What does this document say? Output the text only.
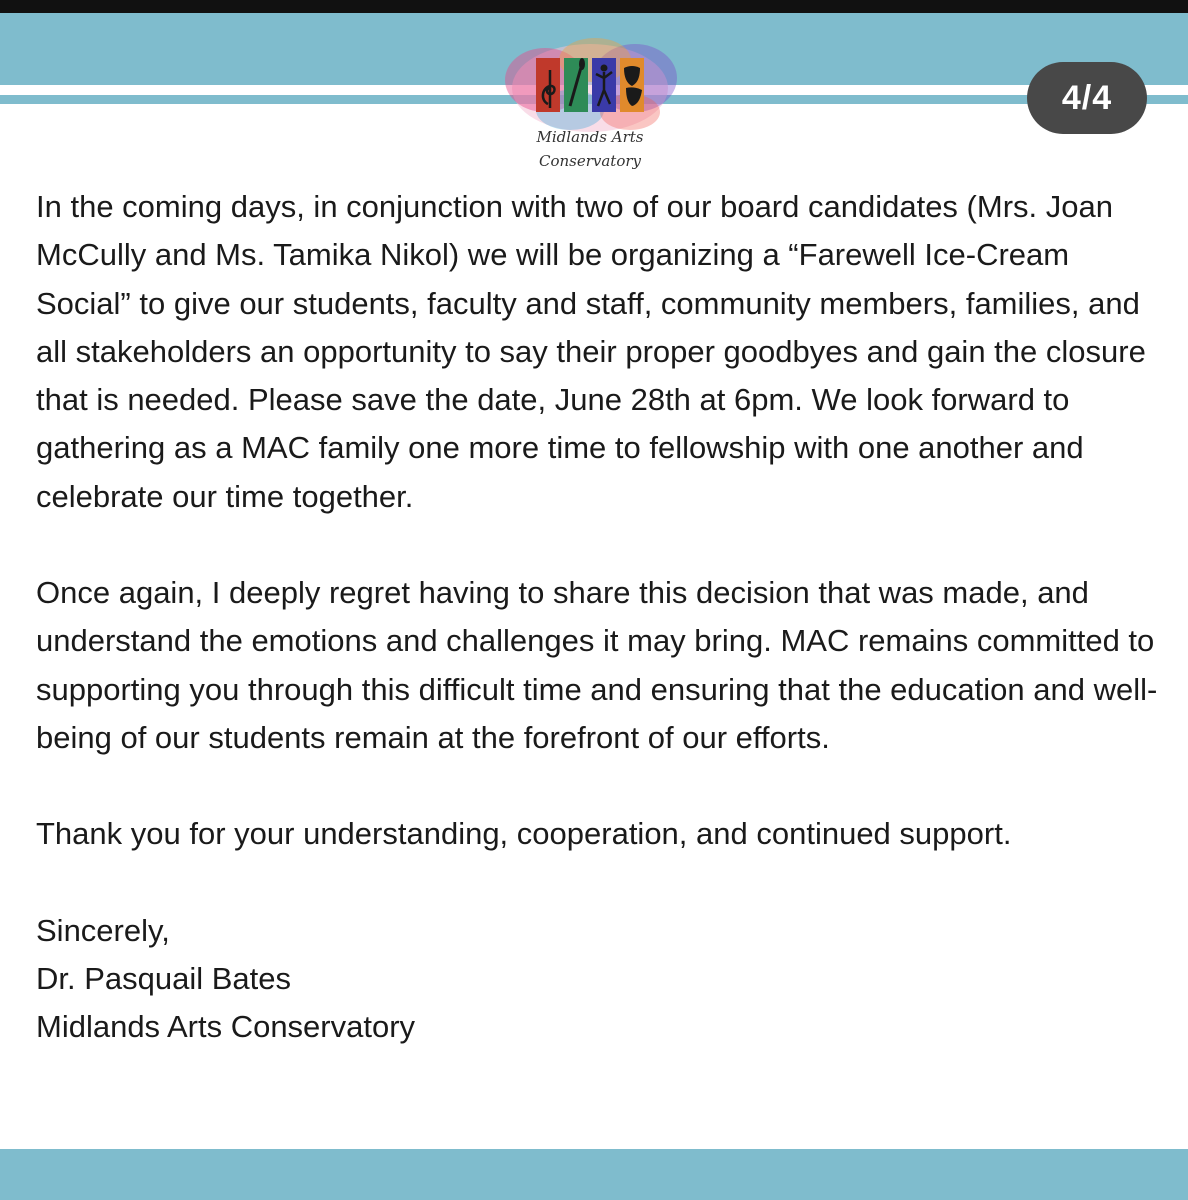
Midlands Arts
Conservatory
4/4

In the coming days, in conjunction with two of our board candidates (Mrs. Joan McCully and Ms. Tamika Nikol) we will be organizing a “Farewell Ice-Cream Social” to give our students, faculty and staff, community members, families, and all stakeholders an opportunity to say their proper goodbyes and gain the closure that is needed. Please save the date, June 28th at 6pm. We look forward to gathering as a MAC family one more time to fellowship with one another and celebrate our time together.

Once again, I deeply regret having to share this decision that was made, and understand the emotions and challenges it may bring. MAC remains committed to supporting you through this difficult time and ensuring that the education and well-being of our students remain at the forefront of our efforts.

Thank you for your understanding, cooperation, and continued support.

Sincerely,
Dr. Pasquail Bates
Midlands Arts Conservatory
